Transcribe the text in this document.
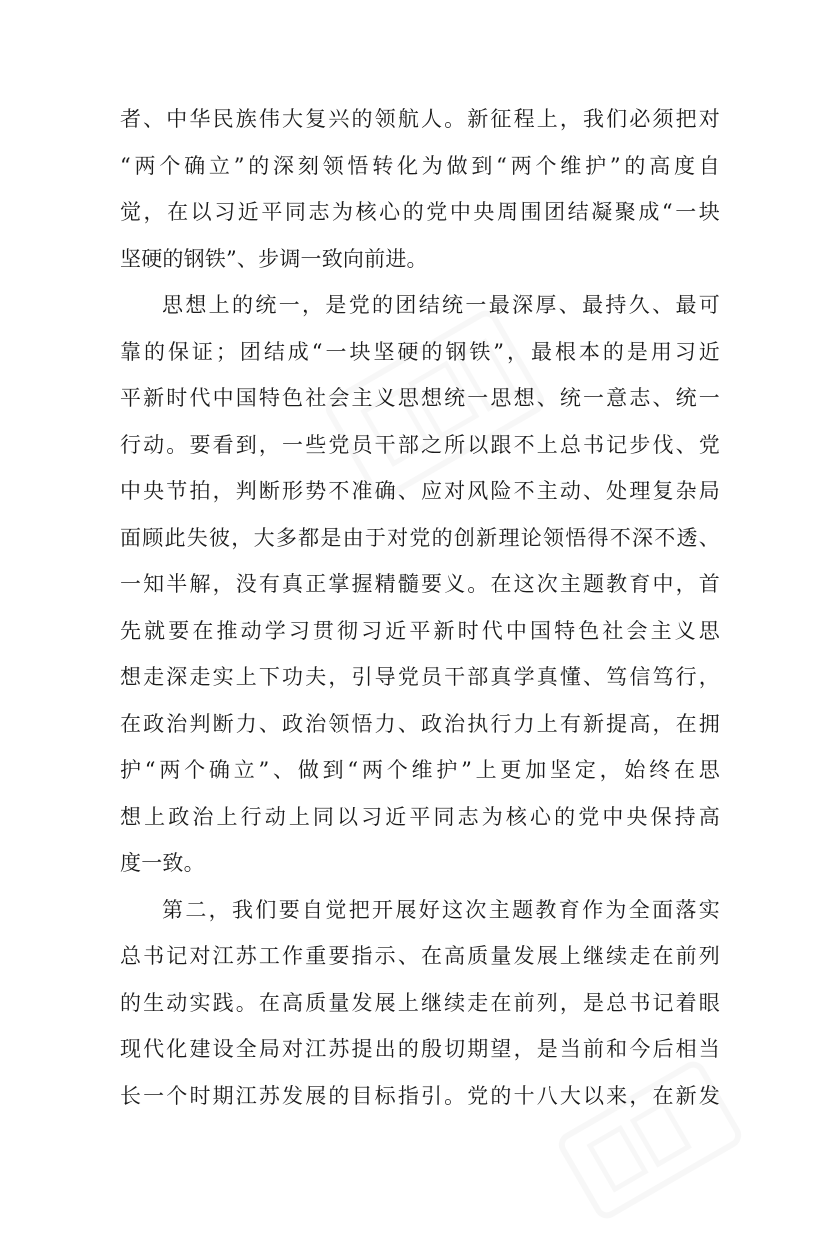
者、中华民族伟大复兴的领航人。新征程上，我们必须把对
“两个确立”的深刻领悟转化为做到“两个维护”的高度自
觉，在以习近平同志为核心的党中央周围团结凝聚成“一块
坚硬的钢铁”、步调一致向前进。

思想上的统一，是党的团结统一最深厚、最持久、最可
靠的保证；团结成“一块坚硬的钢铁”，最根本的是用习近
平新时代中国特色社会主义思想统一思想、统一意志、统一
行动。要看到，一些党员干部之所以跟不上总书记步伐、党
中央节拍，判断形势不准确、应对风险不主动、处理复杂局
面顾此失彼，大多都是由于对党的创新理论领悟得不深不透、
一知半解，没有真正掌握精髓要义。在这次主题教育中，首
先就要在推动学习贯彻习近平新时代中国特色社会主义思
想走深走实上下功夫，引导党员干部真学真懂、笃信笃行，
在政治判断力、政治领悟力、政治执行力上有新提高，在拥
护“两个确立”、做到“两个维护”上更加坚定，始终在思
想上政治上行动上同以习近平同志为核心的党中央保持高
度一致。

第二，我们要自觉把开展好这次主题教育作为全面落实
总书记对江苏工作重要指示、在高质量发展上继续走在前列
的生动实践。在高质量发展上继续走在前列，是总书记着眼
现代化建设全局对江苏提出的殷切期望，是当前和今后相当
长一个时期江苏发展的目标指引。党的十八大以来，在新发
